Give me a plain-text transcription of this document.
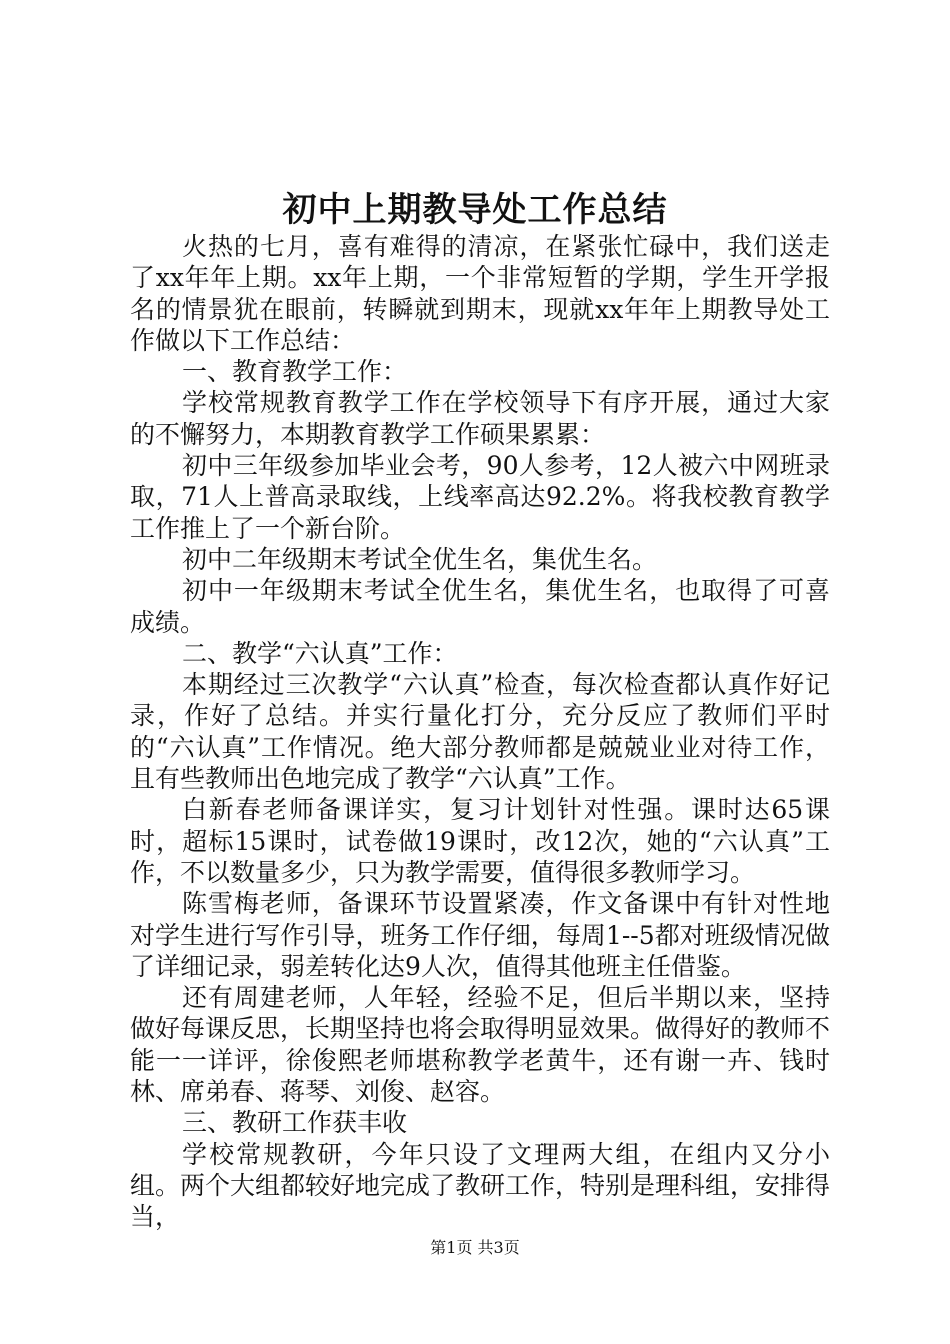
初中上期教导处工作总结

火热的七月，喜有难得的清凉，在紧张忙碌中，我们送走了xx年年上期。xx年上期，一个非常短暂的学期，学生开学报名的情景犹在眼前，转瞬就到期末，现就xx年年上期教导处工作做以下工作总结：

一、教育教学工作：

学校常规教育教学工作在学校领导下有序开展，通过大家的不懈努力，本期教育教学工作硕果累累：

初中三年级参加毕业会考，90人参考，12人被六中网班录取，71人上普高录取线，上线率高达92.2%。将我校教育教学工作推上了一个新台阶。

初中二年级期末考试全优生名，集优生名。

初中一年级期末考试全优生名，集优生名，也取得了可喜成绩。

二、教学“六认真”工作：

本期经过三次教学“六认真”检查，每次检查都认真作好记录，作好了总结。并实行量化打分，充分反应了教师们平时的“六认真”工作情况。绝大部分教师都是兢兢业业对待工作，且有些教师出色地完成了教学“六认真”工作。

白新春老师备课详实，复习计划针对性强。课时达65课时，超标15课时，试卷做19课时，改12次，她的“六认真”工作，不以数量多少，只为教学需要，值得很多教师学习。

陈雪梅老师，备课环节设置紧凑，作文备课中有针对性地对学生进行写作引导，班务工作仔细，每周1--5都对班级情况做了详细记录，弱差转化达9人次，值得其他班主任借鉴。

还有周建老师，人年轻，经验不足，但后半期以来，坚持做好每课反思，长期坚持也将会取得明显效果。做得好的教师不能一一详评，徐俊熙老师堪称教学老黄牛，还有谢一卉、钱时林、席弟春、蒋琴、刘俊、赵容。

三、教研工作获丰收

学校常规教研，今年只设了文理两大组，在组内又分小组。两个大组都较好地完成了教研工作，特别是理科组，安排得当，

第1页 共3页
